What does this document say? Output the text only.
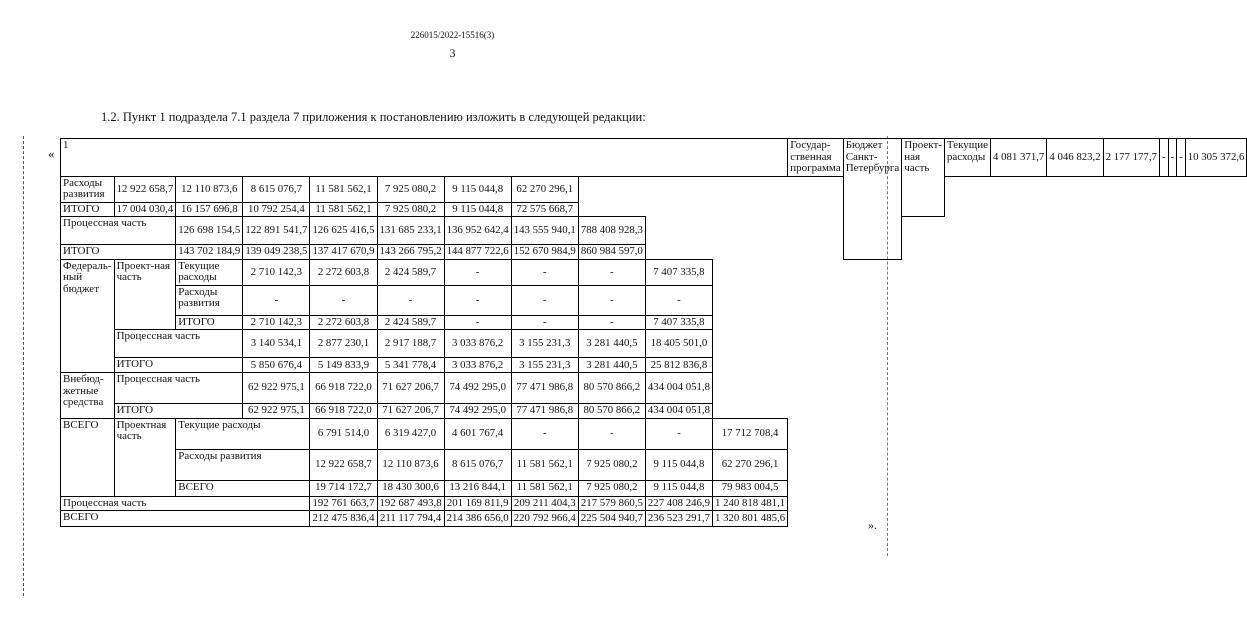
226015/2022-15516(3)
3
1.2. Пункт 1 подраздела 7.1 раздела 7 приложения к постановлению изложить в следующей редакции:
«
1											Государ-ственная программа	Бюджет Санкт-Петербурга	Проект-ная часть	Текущие расходы	4 081 371,7	4 046 823,2	2 177 177,7	-	-	-	10 305 372,6
Расходы развития	12 922 658,7	12 110 873,6	8 615 076,7	11 581 562,1	7 925 080,2	9 115 044,8	62 270 296,1														
ИТОГО	17 004 030,4	16 157 696,8	10 792 254,4	11 581 562,1	7 925 080,2	9 115 044,8	72 575 668,7														
Процессная часть		126 698 154,5	122 891 541,7	126 625 416,5	131 685 233,1	136 952 642,4	143 555 940,1	788 408 928,3													
ИТОГО		143 702 184,9	139 049 238,5	137 417 670,9	143 266 795,2	144 877 722,6	152 670 984,9	860 984 597,0													
Федераль-ный бюджет	Проект-ная часть	Текущие расходы	2 710 142,3	2 272 603,8	2 424 589,7	-	-	-	7 407 335,8												
		Расходы развития	-	-	-	-	-	-	-												
		ИТОГО	2 710 142,3	2 272 603,8	2 424 589,7	-	-	-	7 407 335,8												
	Процессная часть		3 140 534,1	2 877 230,1	2 917 188,7	3 033 876,2	3 155 231,3	3 281 440,5	18 405 501,0												
	ИТОГО		5 850 676,4	5 149 833,9	5 341 778,4	3 033 876,2	3 155 231,3	3 281 440,5	25 812 836,8												
Внебюд-жетные средства	Процессная часть		62 922 975,1	66 918 722,0	71 627 206,7	74 492 295,0	77 471 986,8	80 570 866,2	434 004 051,8												
	ИТОГО		62 922 975,1	66 918 722,0	71 627 206,7	74 492 295,0	77 471 986,8	80 570 866,2	434 004 051,8												
ВСЕГО	Проектная часть	Текущие расходы		6 791 514,0	6 319 427,0	4 601 767,4	-	-	-	17 712 708,4											
		Расходы развития		12 922 658,7	12 110 873,6	8 615 076,7	11 581 562,1	7 925 080,2	9 115 044,8	62 270 296,1											
		ВСЕГО		19 714 172,7	18 430 300,6	13 216 844,1	11 581 562,1	7 925 080,2	9 115 044,8	79 983 004,5											
Процессная часть				192 761 663,7	192 687 493,8	201 169 811,9	209 211 404,3	217 579 860,5	227 408 246,9	1 240 818 481,1											
ВСЕГО				212 475 836,4	211 117 794,4	214 386 656,0	220 792 966,4	225 504 940,7	236 523 291,7	1 320 801 485,6											
».
